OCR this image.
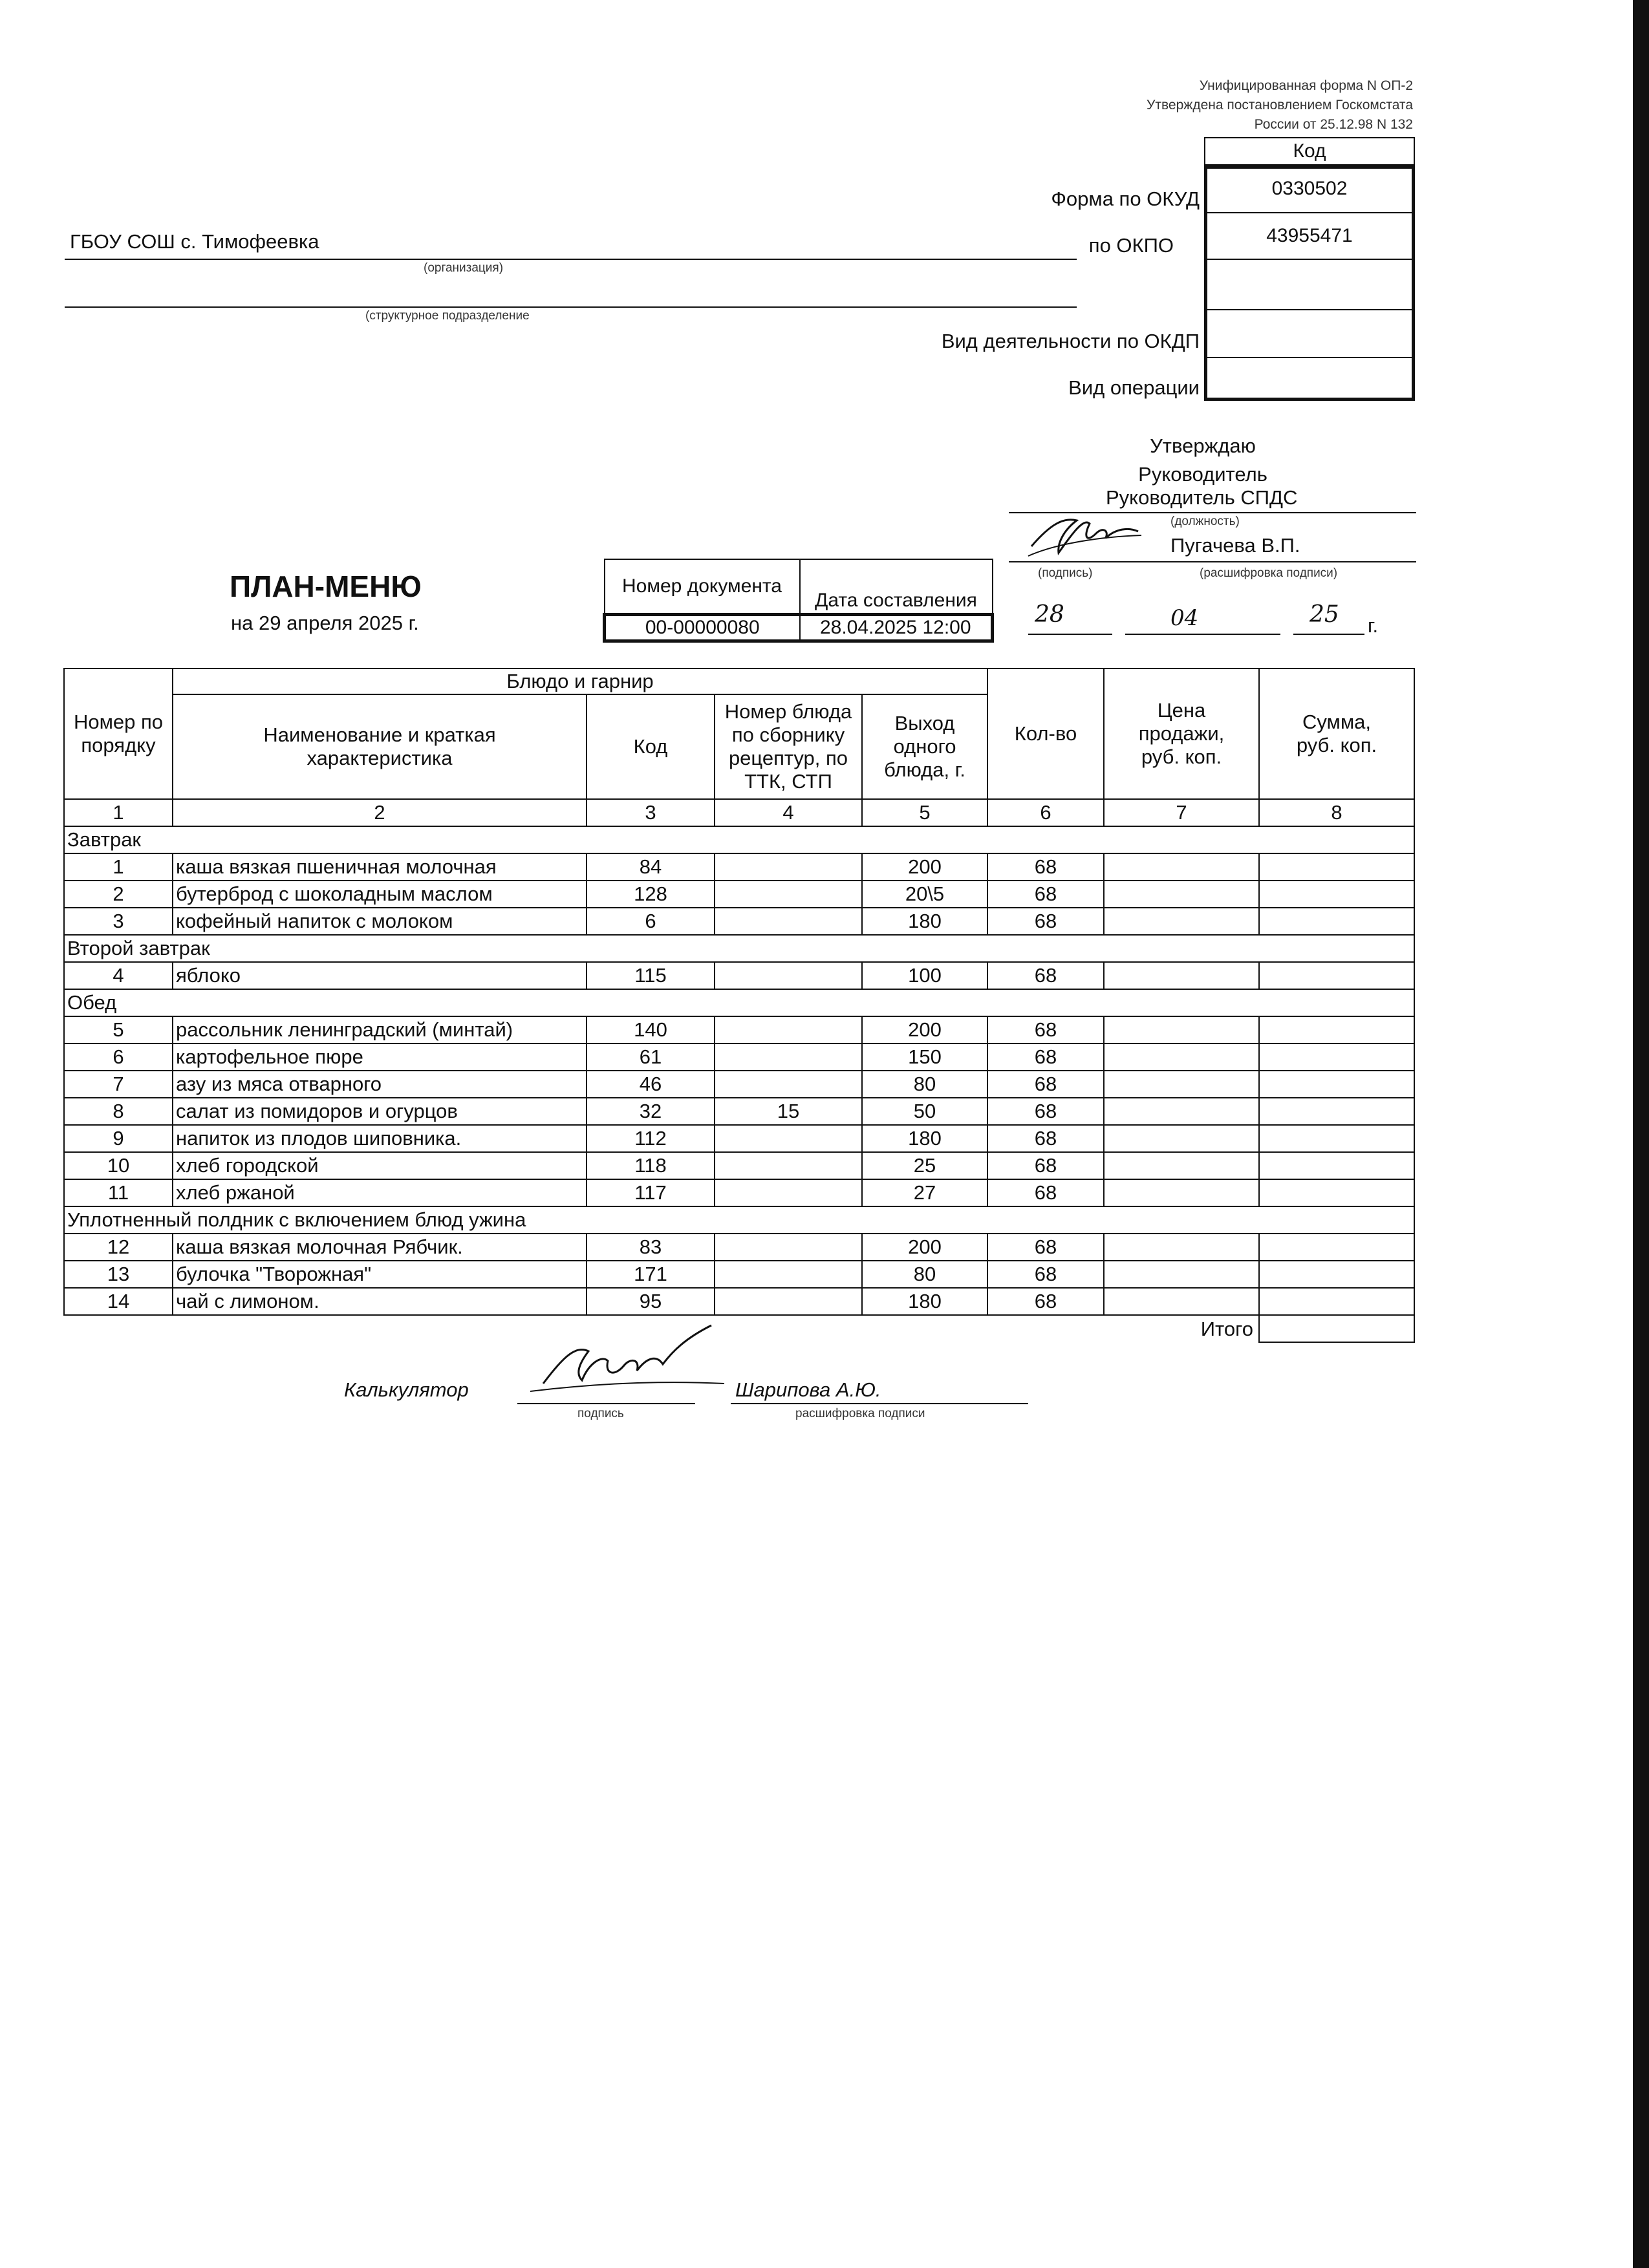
Унифицированная форма N ОП-2
Утверждена постановлением Госкомстата
России от 25.12.98 N 132
Код
0330502
43955471
Форма по ОКУД
по ОКПО
Вид деятельности по ОКДП
Вид операции
ГБОУ СОШ с. Тимофеевка
(организация)
(структурное подразделение
Утверждаю
Руководитель
Руководитель СПДС
(должность)
Пугачева В.П.
(подпись)	(расшифровка подписи)
28	04	25 г.
ПЛАН-МЕНЮ
на 29 апреля 2025 г.
Номер документа	Дата составления
00-00000080	28.04.2025 12:00
Номер по порядку	Блюдо и гарнир				Кол-во	Цена продажи, руб. коп.	Сумма, руб. коп.
	Наименование и краткая характеристика	Код	Номер блюда по сборнику рецептур, по ТТК, СТП	Выход одного блюда, г.			
1	2	3	4	5	6	7	8
Завтрак							
1	каша вязкая пшеничная молочная	84		200	68		
2	бутерброд с шоколадным маслом	128		20\5	68		
3	кофейный напиток с молоком	6		180	68		
Второй завтрак							
4	яблоко	115		100	68		
Обед							
5	рассольник ленинградский (минтай)	140		200	68		
6	картофельное пюре	61		150	68		
7	азу из мяса отварного	46		80	68		
8	салат из помидоров и огурцов	32	15	50	68		
9	напиток из плодов шиповника.	112		180	68		
10	хлеб городской	118		25	68		
11	хлеб ржаной	117		27	68		
Уплотненный полдник с включением блюд ужина							
12	каша вязкая молочная Рябчик.	83		200	68		
13	булочка "Творожная"	171		80	68		
14	чай с лимоном.	95		180	68		
Итого							
Калькулятор
подпись
Шарипова А.Ю.
расшифровка подписи
